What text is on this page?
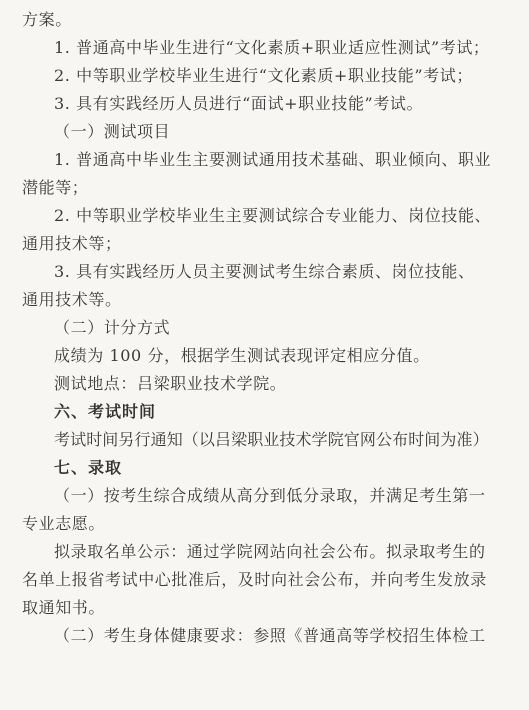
方案。
1. 普通高中毕业生进行“文化素质+职业适应性测试”考试；
2. 中等职业学校毕业生进行“文化素质+职业技能”考试；
3. 具有实践经历人员进行“面试+职业技能”考试。
（一）测试项目
1. 普通高中毕业生主要测试通用技术基础、职业倾向、职业
潜能等；
2. 中等职业学校毕业生主要测试综合专业能力、岗位技能、
通用技术等；
3. 具有实践经历人员主要测试考生综合素质、岗位技能、
通用技术等。
（二）计分方式
成绩为 100 分，根据学生测试表现评定相应分值。
测试地点：吕梁职业技术学院。
六、考试时间
考试时间另行通知（以吕梁职业技术学院官网公布时间为准）
七、录取
（一）按考生综合成绩从高分到低分录取，并满足考生第一
专业志愿。
拟录取名单公示：通过学院网站向社会公布。拟录取考生的
名单上报省考试中心批准后，及时向社会公布，并向考生发放录
取通知书。
（二）考生身体健康要求：参照《普通高等学校招生体检工
